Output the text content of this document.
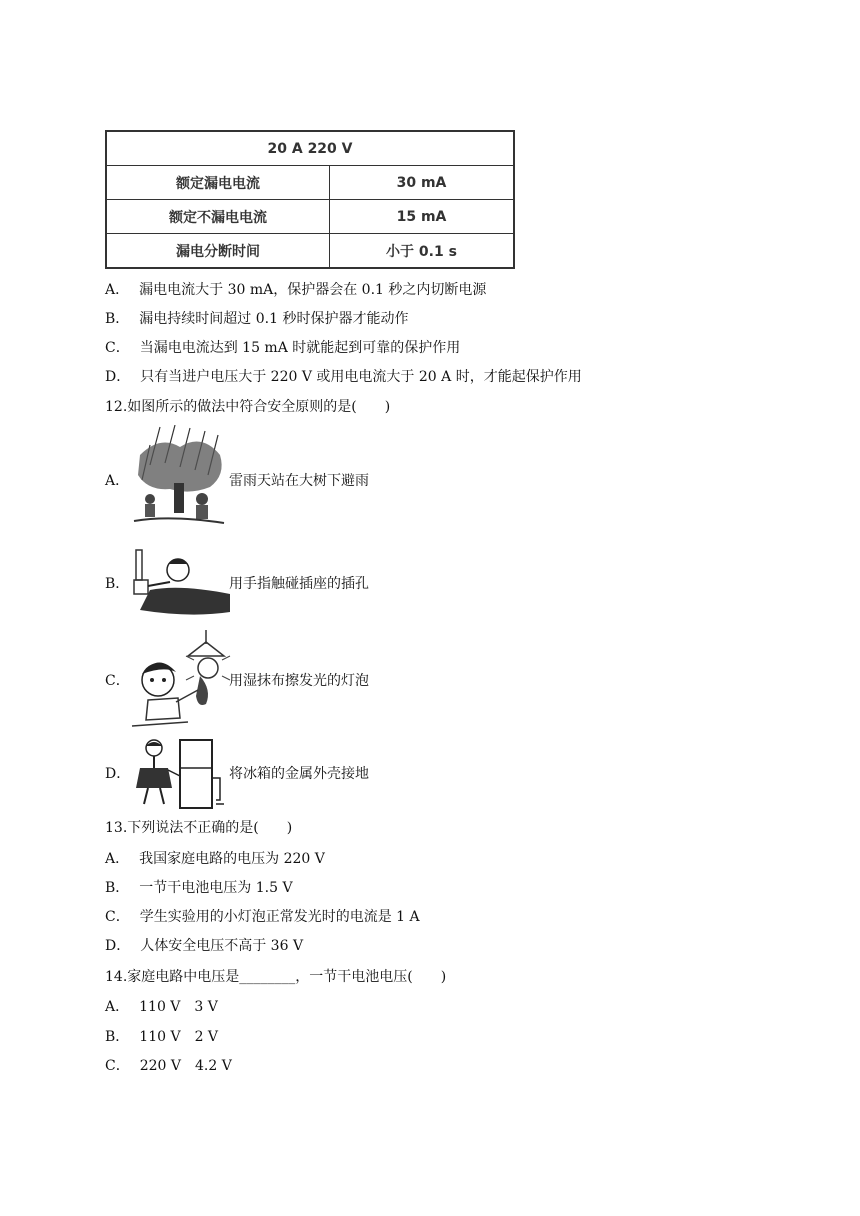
20 A 220 V	
额定漏电电流	30 mA
额定不漏电电流	15 mA
漏电分断时间	小于 0.1 s
A． 漏电电流大于 30 mA，保护器会在 0.1 秒之内切断电源
B． 漏电持续时间超过 0.1 秒时保护器才能动作
C． 当漏电电流达到 15 mA 时就能起到可靠的保护作用
D． 只有当进户电压大于 220 V 或用电电流大于 20 A 时，才能起保护作用
12.如图所示的做法中符合安全原则的是(　　)
A．	雷雨天站在大树下避雨
B．	用手指触碰插座的插孔
C．	用湿抹布擦发光的灯泡
D．	将冰箱的金属外壳接地
13.下列说法不正确的是(　　)
A． 我国家庭电路的电压为 220 V
B． 一节干电池电压为 1.5 V
C． 学生实验用的小灯泡正常发光时的电流是 1 A
D． 人体安全电压不高于 36 V
14.家庭电路中电压是________，一节干电池电压(　　)
A． 110 V　3 V
B． 110 V　2 V
C． 220 V　4.2 V
